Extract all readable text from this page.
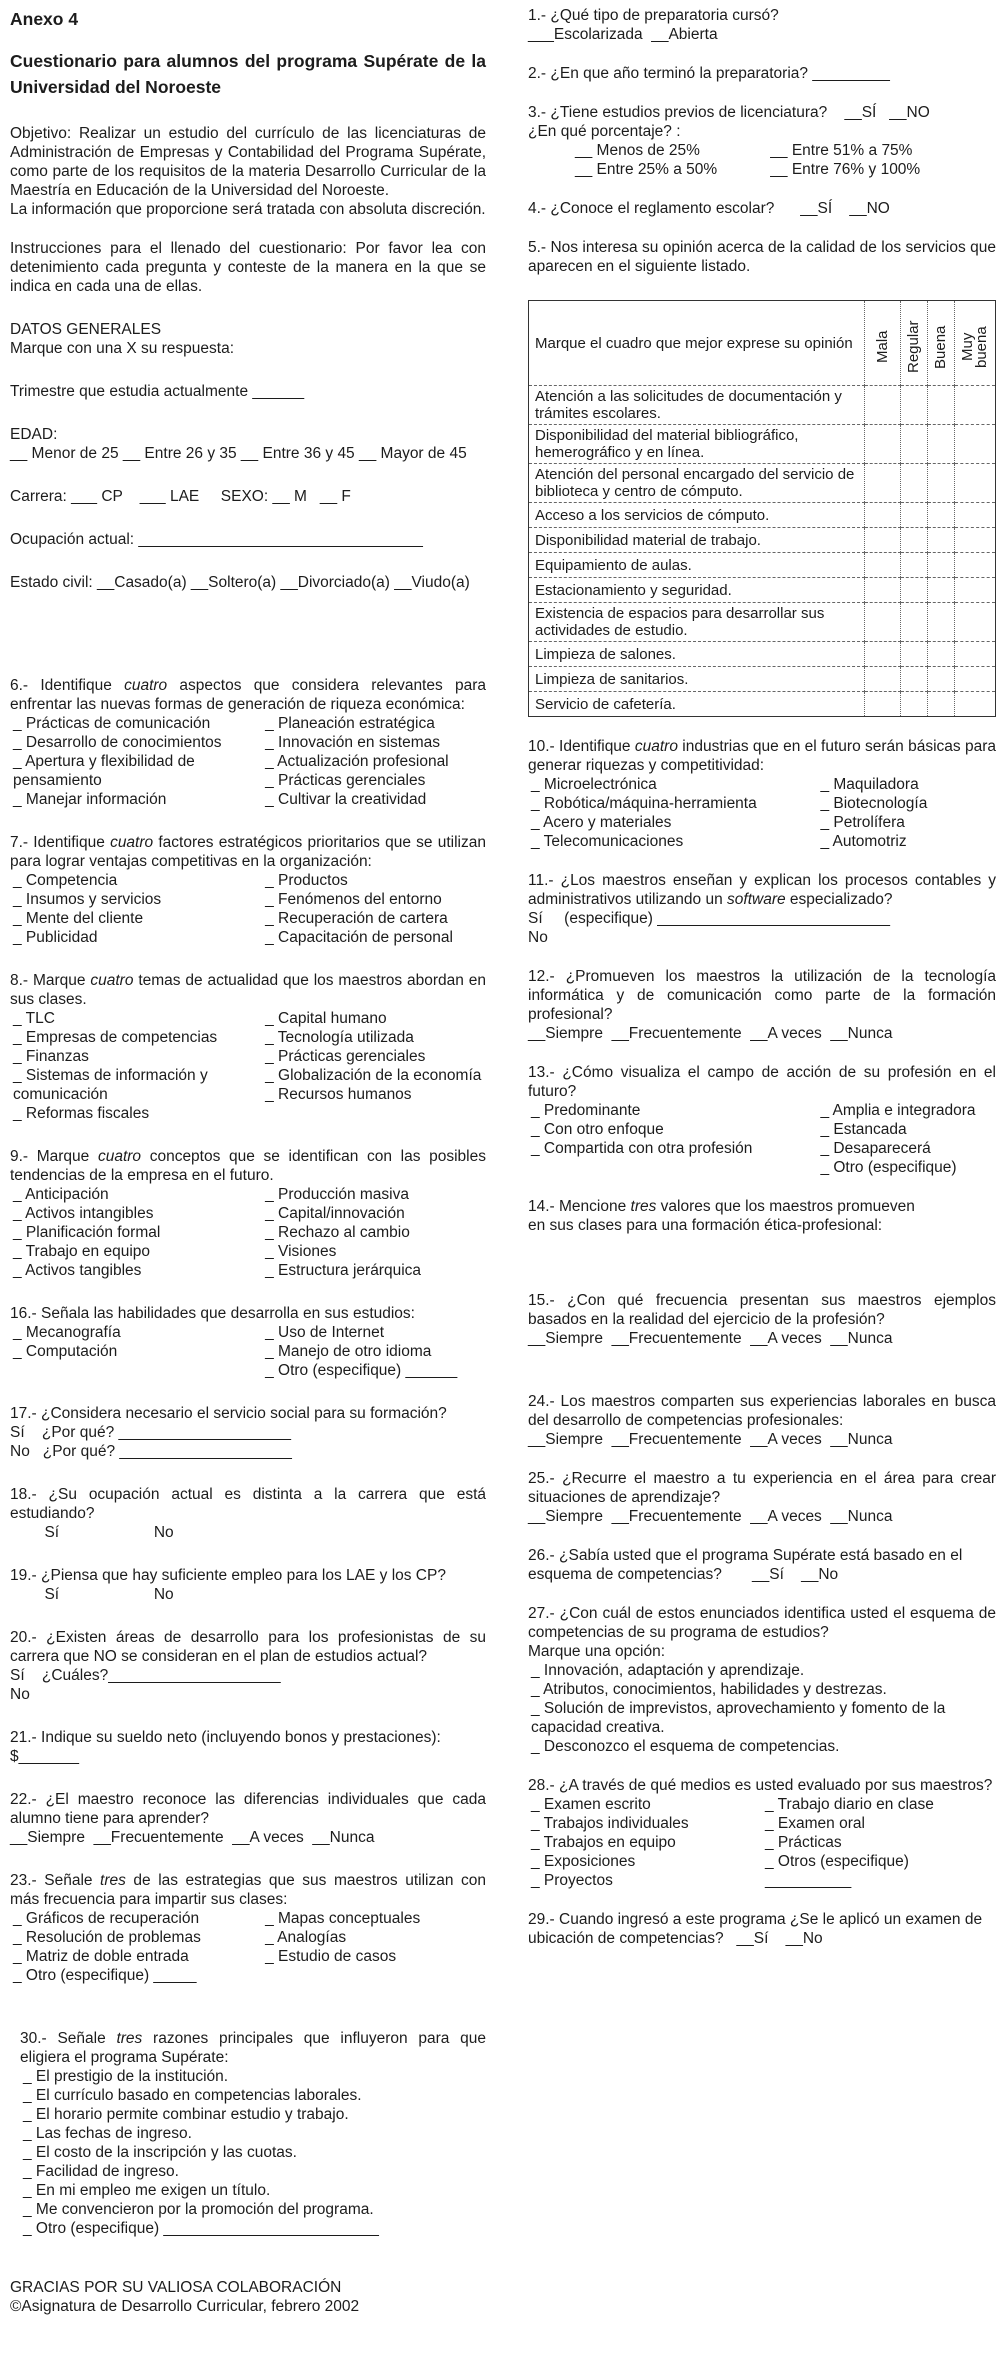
Anexo 4
Cuestionario para alumnos del programa Supérate de la Universidad del Noroeste
Objetivo: Realizar un estudio del currículo de las licenciaturas de Administración de Empresas y Contabilidad del Programa Supérate, como parte de los requisitos de la materia Desarrollo Curricular de la Maestría en Educación de la Universidad del Noroeste.
La información que proporcione será tratada con absoluta discreción.
Instrucciones para el llenado del cuestionario: Por favor lea con detenimiento cada pregunta y conteste de la manera en la que se indica en cada una de ellas.
DATOS GENERALES
Marque con una X su respuesta:
Trimestre que estudia actualmente ______
EDAD:
__ Menor de 25 __ Entre 26 y 35 __ Entre 36 y 45 __ Mayor de 45
Carrera: ___ CP    ___ LAE     SEXO: __ M   __ F
Ocupación actual: _________________________________
Estado civil: __Casado(a) __Soltero(a) __Divorciado(a) __Viudo(a)
6.- Identifique cuatro aspectos que considera relevantes para enfrentar las nuevas formas de generación de riqueza económica:
_ Prácticas de comunicación
_ Desarrollo de conocimientos
_ Apertura y flexibilidad de pensamiento
_ Manejar información
_ Planeación estratégica
_ Innovación en sistemas
_ Actualización profesional
_ Prácticas gerenciales
_ Cultivar la creatividad
7.- Identifique cuatro factores estratégicos prioritarios que se utilizan para lograr ventajas competitivas en la organización:
_ Competencia
_ Insumos y servicios
_ Mente del cliente
_ Publicidad
_ Productos
_ Fenómenos del entorno
_ Recuperación de cartera
_ Capacitación de personal
8.- Marque cuatro temas de actualidad que los maestros abordan en sus clases.
_ TLC
_ Empresas de competencias
_ Finanzas
_ Sistemas de información y comunicación
_ Reformas fiscales
_ Capital humano
_ Tecnología utilizada
_ Prácticas gerenciales
_ Globalización de la economía
_ Recursos humanos
9.- Marque cuatro conceptos que se identifican con las posibles tendencias de la empresa en el futuro.
_ Anticipación
_ Activos intangibles
_ Planificación formal
_ Trabajo en equipo
_ Activos tangibles
_ Producción masiva
_ Capital/innovación
_ Rechazo al cambio
_ Visiones
_ Estructura jerárquica
16.- Señala las habilidades que desarrolla en sus estudios:
_ Mecanografía
_ Computación
_ Uso de Internet
_ Manejo de otro idioma
_ Otro (especifique) ______
17.- ¿Considera necesario el servicio social para su formación?
Sí    ¿Por qué? ____________________
No   ¿Por qué? ____________________
18.- ¿Su ocupación actual es distinta a la carrera que está estudiando?
Sí                      No
19.- ¿Piensa que hay suficiente empleo para los LAE y los CP?
Sí                      No
20.- ¿Existen áreas de desarrollo para los profesionistas de su carrera que NO se consideran en el plan de estudios actual?
Sí    ¿Cuáles?____________________
No
21.- Indique su sueldo neto (incluyendo bonos y prestaciones):
$_______
22.- ¿El maestro reconoce las diferencias individuales que cada alumno tiene para aprender?
__Siempre  __Frecuentemente  __A veces  __Nunca
23.- Señale tres de las estrategias que sus maestros utilizan con más frecuencia para impartir sus clases:
_ Gráficos de recuperación
_ Resolución de problemas
_ Matriz de doble entrada
_ Otro (especifique) _____
_ Mapas conceptuales
_ Analogías
_ Estudio de casos
30.- Señale tres razones principales que influyeron para que eligiera el programa Supérate:
_ El prestigio de la institución.
_ El currículo basado en competencias laborales.
_ El horario permite combinar estudio y trabajo.
_ Las fechas de ingreso.
_ El costo de la inscripción y las cuotas.
_ Facilidad de ingreso.
_ En mi empleo me exigen un título.
_ Me convencieron por la promoción del programa.
_ Otro (especifique) _________________________
GRACIAS POR SU VALIOSA COLABORACIÓN
©Asignatura de Desarrollo Curricular, febrero 2002
1.- ¿Qué tipo de preparatoria cursó?
___Escolarizada  __Abierta
2.- ¿En que año terminó la preparatoria? _________
3.- ¿Tiene estudios previos de licenciatura?    __SÍ   __NO
¿En qué porcentaje? :
__ Menos de 25%
__ Entre 25% a 50%
__ Entre 51% a 75%
__ Entre 76% y 100%
4.- ¿Conoce el reglamento escolar?      __SÍ    __NO
5.- Nos interesa su opinión acerca de la calidad de los servicios que aparecen en el siguiente listado.
Marque el cuadro que mejor exprese su opinión	Mala	Regular	Buena	Muy buena
Atención a las solicitudes de documentación y trámites escolares.				
Disponibilidad del material bibliográfico, hemerográfico y en línea.				
Atención del personal encargado del servicio de biblioteca y centro de cómputo.				
Acceso a los servicios de cómputo.				
Disponibilidad material de trabajo.				
Equipamiento de aulas.				
Estacionamiento y seguridad.				
Existencia de espacios para desarrollar sus actividades de estudio.				
Limpieza de salones.				
Limpieza de sanitarios.				
Servicio de cafetería.				
10.- Identifique cuatro industrias que en el futuro serán básicas para generar riquezas y competitividad:
_ Microelectrónica
_ Robótica/máquina-herramienta
_ Acero y materiales
_ Telecomunicaciones
_ Maquiladora
_ Biotecnología
_ Petrolífera
_ Automotriz
11.- ¿Los maestros enseñan y explican los procesos contables y administrativos utilizando un software especializado?
Sí     (especifique) ___________________________
No
12.- ¿Promueven los maestros la utilización de la tecnología informática y de comunicación como parte de la formación profesional?
__Siempre  __Frecuentemente  __A veces  __Nunca
13.- ¿Cómo visualiza el campo de acción de su profesión en el futuro?
_ Predominante
_ Con otro enfoque
_ Compartida con otra profesión
_ Amplia e integradora
_ Estancada
_ Desaparecerá
_ Otro (especifique)
14.- Mencione tres valores que los maestros promueven
en sus clases para una formación ética-profesional:
15.- ¿Con qué frecuencia presentan sus maestros ejemplos basados en la realidad del ejercicio de la profesión?
__Siempre  __Frecuentemente  __A veces  __Nunca
24.- Los maestros comparten sus experiencias laborales en busca del desarrollo de competencias profesionales:
__Siempre  __Frecuentemente  __A veces  __Nunca
25.- ¿Recurre el maestro a tu experiencia en el área para crear situaciones de aprendizaje?
__Siempre  __Frecuentemente  __A veces  __Nunca
26.- ¿Sabía usted que el programa Supérate está basado en el esquema de competencias?       __Sí    __No
27.- ¿Con cuál de estos enunciados identifica usted el esquema de competencias de su programa de estudios?
Marque una opción:
_ Innovación, adaptación y aprendizaje.
_ Atributos, conocimientos, habilidades y destrezas.
_ Solución de imprevistos, aprovechamiento y fomento de la capacidad creativa.
_ Desconozco el esquema de competencias.
28.- ¿A través de qué medios es usted evaluado por sus maestros?
_ Examen escrito
_ Trabajos individuales
_ Trabajos en equipo
_ Exposiciones
_ Proyectos
_ Trabajo diario en clase
_ Examen oral
_ Prácticas
_ Otros (especifique) __________
29.- Cuando ingresó a este programa ¿Se le aplicó un examen de ubicación de competencias?   __Sí    __No
